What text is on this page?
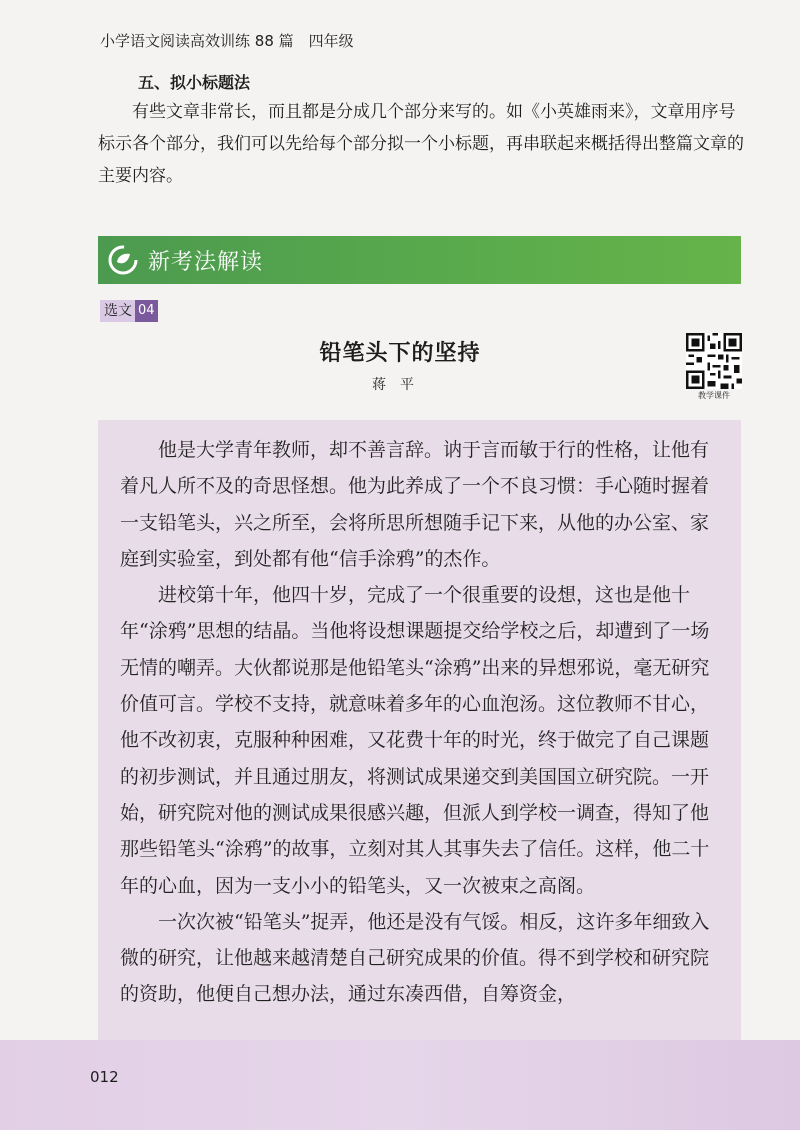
小学语文阅读高效训练 88 篇　四年级
五、拟小标题法
有些文章非常长，而且都是分成几个部分来写的。如《小英雄雨来》，文章用序号标示各个部分，我们可以先给每个部分拟一个小标题，再串联起来概括得出整篇文章的主要内容。
新考法解读
选文 04
铅笔头下的坚持
蒋平
教学课件

他是大学青年教师，却不善言辞。讷于言而敏于行的性格，让他有着凡人所不及的奇思怪想。他为此养成了一个不良习惯：手心随时握着一支铅笔头，兴之所至，会将所思所想随手记下来，从他的办公室、家庭到实验室，到处都有他“信手涂鸦”的杰作。

进校第十年，他四十岁，完成了一个很重要的设想，这也是他十年“涂鸦”思想的结晶。当他将设想课题提交给学校之后，却遭到了一场无情的嘲弄。大伙都说那是他铅笔头“涂鸦”出来的异想邪说，毫无研究价值可言。学校不支持，就意味着多年的心血泡汤。这位教师不甘心，他不改初衷，克服种种困难，又花费十年的时光，终于做完了自己课题的初步测试，并且通过朋友，将测试成果递交到美国国立研究院。一开始，研究院对他的测试成果很感兴趣，但派人到学校一调查，得知了他那些铅笔头“涂鸦”的故事，立刻对其人其事失去了信任。这样，他二十年的心血，因为一支小小的铅笔头，又一次被束之高阁。

一次次被“铅笔头”捉弄，他还是没有气馁。相反，这许多年细致入微的研究，让他越来越清楚自己研究成果的价值。得不到学校和研究院的资助，他便自己想办法，通过东凑西借，自筹资金，

012
